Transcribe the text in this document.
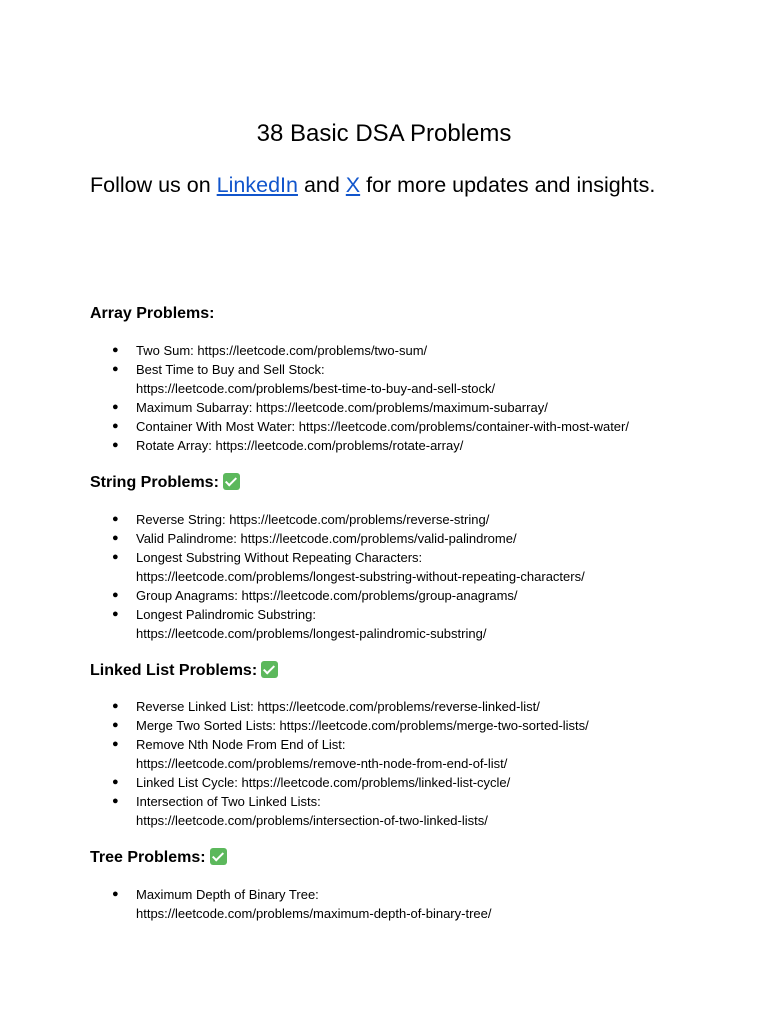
38 Basic DSA Problems

Follow us on LinkedIn and X for more updates and insights.

Array Problems:
● Two Sum: https://leetcode.com/problems/two-sum/
● Best Time to Buy and Sell Stock:
https://leetcode.com/problems/best-time-to-buy-and-sell-stock/
● Maximum Subarray: https://leetcode.com/problems/maximum-subarray/
● Container With Most Water: https://leetcode.com/problems/container-with-most-water/
● Rotate Array: https://leetcode.com/problems/rotate-array/
String Problems:
● Reverse String: https://leetcode.com/problems/reverse-string/
● Valid Palindrome: https://leetcode.com/problems/valid-palindrome/
● Longest Substring Without Repeating Characters:
https://leetcode.com/problems/longest-substring-without-repeating-characters/
● Group Anagrams: https://leetcode.com/problems/group-anagrams/
● Longest Palindromic Substring:
https://leetcode.com/problems/longest-palindromic-substring/
Linked List Problems:
● Reverse Linked List: https://leetcode.com/problems/reverse-linked-list/
● Merge Two Sorted Lists: https://leetcode.com/problems/merge-two-sorted-lists/
● Remove Nth Node From End of List:
https://leetcode.com/problems/remove-nth-node-from-end-of-list/
● Linked List Cycle: https://leetcode.com/problems/linked-list-cycle/
● Intersection of Two Linked Lists:
https://leetcode.com/problems/intersection-of-two-linked-lists/
Tree Problems:
● Maximum Depth of Binary Tree:
https://leetcode.com/problems/maximum-depth-of-binary-tree/
